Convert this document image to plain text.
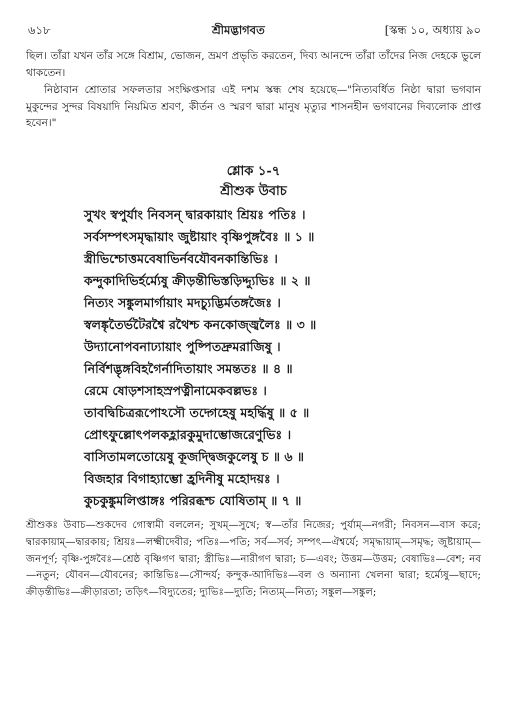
৬১৮	শ্রীমদ্ভাগবত	[স্কন্ধ ১০, অধ্যায় ৯০

ছিল। তাঁরা যখন তাঁর সঙ্গে বিশ্রাম, ভোজন, ভ্রমণ প্রভৃতি করতেন, দিব্য আনন্দে তাঁরা তাঁদের নিজ দেহকে ভুলে থাকতেন।

নিষ্ঠাবান শ্রোতার সফলতার সংক্ষিপ্তসার এই দশম স্কন্ধ শেষ হয়েছে—"নিত্যবর্ধিত নিষ্ঠা দ্বারা ভগবান মুকুন্দের সুন্দর বিষয়াদি নিয়মিত শ্রবণ, কীর্তন ও স্মরণ দ্বারা মানুষ মৃত্যুর শাসনহীন ভগবানের দিব্যলোক প্রাপ্ত হবেন।"

শ্লোক ১-৭
শ্রীশুক উবাচ

সুখং স্বপুর্যাং নিবসন্ দ্বারকায়াং শ্রিয়ঃ পতিঃ ।

সর্বসম্পৎসমৃদ্ধায়াং জুষ্টায়াং বৃষ্ণিপুঙ্গবৈঃ ॥ ১ ॥

স্ত্রীভিশ্চোত্তমবেষাভির্নবযৌবনকান্তিভিঃ ।

কন্দুকাদিভির্হর্ম্যেষু ক্রীড়ন্তীভিস্তড়িদ্দ্যুভিঃ ॥ ২ ॥

নিত্যং সঙ্কুলমার্গায়াং মদচ্যুদ্ভির্মতঙ্গজৈঃ ।

স্বলঙ্কৃতৈর্ভটৈরশ্বৈ রথৈশ্চ কনকোজ্জ্বলৈঃ ॥ ৩ ॥

উদ্যানোপবনাঢ্যায়াং পুষ্পিতদ্রুমরাজিষু ।

নির্বিশদ্ভৃঙ্গবিহগৈর্নাদিতায়াং সমন্ততঃ ॥ ৪ ॥

রেমে ষোড়শসাহস্রপত্নীনামেকবল্লভঃ ।

তাবদ্বিচিত্ররূপোঽসৌ তদ্গেহেষু মহর্দ্ধিষু ॥ ৫ ॥

প্রোৎফুল্লোৎপলকহ্লারকুমুদাম্ভোজরেণুভিঃ ।

বাসিতামলতোয়েষু কূজদ্দ্বিজকুলেষু চ ॥ ৬ ॥

বিজহার বিগাহ্যাম্ভো হ্রদিনীষু মহোদয়ঃ ।

কুচকুঙ্কুমলিপ্তাঙ্গঃ পরিরব্ধশ্চ যোষিতাম্ ॥ ৭ ॥

শ্রীশুকঃ উবাচ—শুকদেব গোস্বামী বললেন; সুখম্—সুখে; স্ব—তাঁর নিজের; পুর্যাম্—নগরী; নিবসন—বাস করে; দ্বারকায়াম্—দ্বারকায়; শ্রিয়ঃ—লক্ষ্মীদেবীর; পতিঃ—পতি; সর্ব—সর্ব; সম্পৎ—ঐশ্বর্যে; সমৃদ্ধায়াম্—সমৃদ্ধ; জুষ্টায়াম্—জনপূর্ণ; বৃষ্ণি-পুঙ্গবৈঃ—শ্রেষ্ঠ বৃষ্ণিগণ দ্বারা; স্ত্রীভিঃ—নারীগণ দ্বারা; চ—এবং; উত্তম—উত্তম; বেষাভিঃ—বেশ; নব—নতুন; যৌবন—যৌবনের; কান্তিভিঃ—সৌন্দর্য; কন্দুক-আদিভিঃ—বল ও অন্যান্য খেলনা দ্বারা; হর্ম্যেষু—ছাদে; ক্রীড়ন্তীভিঃ—ক্রীড়ারতা; তড়িৎ—বিদ্যুতের; দ্যুভিঃ—দ্যুতি; নিত্যম্—নিত্য; সঙ্কুল—সঙ্কুল;
